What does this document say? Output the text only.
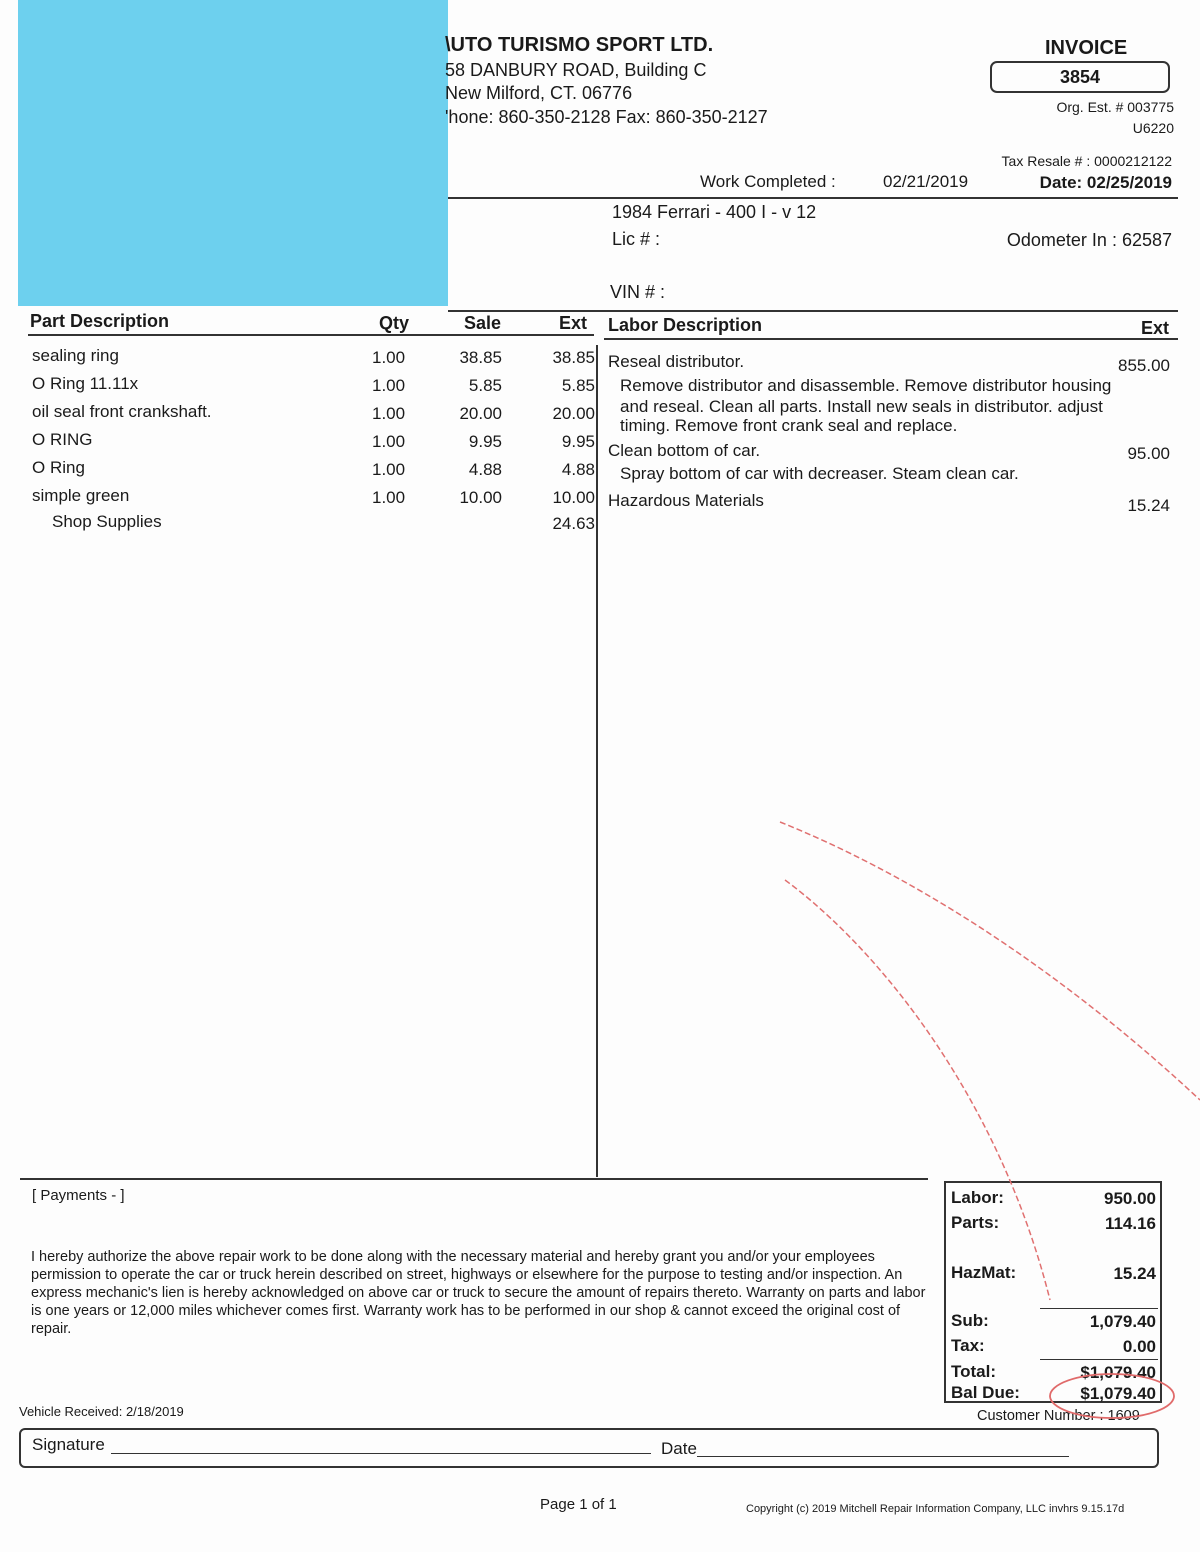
\UTO TURISMO SPORT LTD.
58 DANBURY ROAD, Building C
New Milford, CT. 06776
'hone: 860-350-2128 Fax: 860-350-2127
INVOICE
3854
Org. Est. # 003775
U6220
Tax Resale # : 0000212122
Work Completed :	02/21/2019	Date: 02/25/2019
1984 Ferrari - 400 I - v 12
Lic # :	Odometer In : 62587
VIN # :
Part Description	Qty	Sale	Ext Labor Description	Ext
sealing ring	1.00	38.85	38.85
O Ring 11.11x	1.00	5.85	5.85
oil seal front crankshaft.	1.00	20.00	20.00
O RING	1.00	9.95	9.95
O Ring	1.00	4.88	4.88
simple green	1.00	10.00	10.00
Shop Supplies	24.63
Reseal distributor.	855.00
Remove distributor and disassemble. Remove distributor housing
and reseal. Clean all parts. Install new seals in distributor. adjust
timing. Remove front crank seal and replace.
Clean bottom of car.	95.00
Spray bottom of car with decreaser. Steam clean car.
Hazardous Materials	15.24
[ Payments - ]
I hereby authorize the above repair work to be done along with the necessary material and hereby grant you and/or your employees permission to operate the car or truck herein described on street, highways or elsewhere for the purpose to testing and/or inspection. An express mechanic's lien is hereby acknowledged on above car or truck to secure the amount of repairs thereto. Warranty on parts and labor is one years or 12,000 miles whichever comes first. Warranty work has to be performed in our shop & cannot exceed the original cost of repair.
Labor:	950.00
Parts:	114.16
HazMat:	15.24
Sub:	1,079.40
Tax:	0.00
Total:	$1,079.40
Bal Due:	$1,079.40
Customer Number : 1609
Vehicle Received: 2/18/2019
Signature	Date
Page 1 of 1	Copyright (c) 2019 Mitchell Repair Information Company, LLC invhrs 9.15.17d
